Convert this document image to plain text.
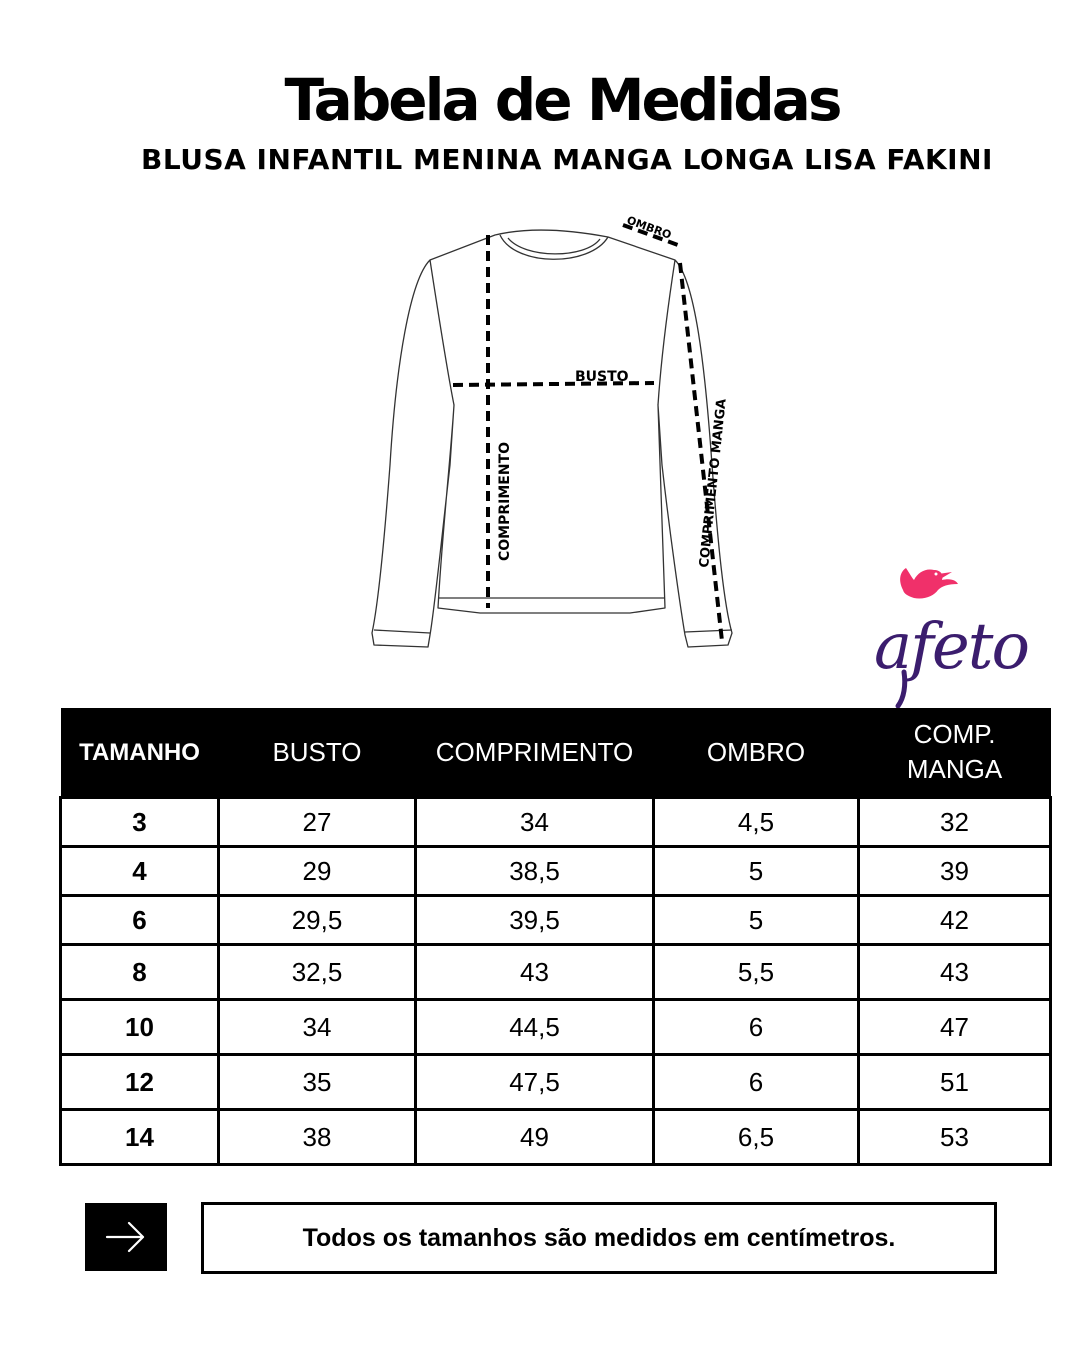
Tabela de Medidas
BLUSA INFANTIL MENINA MANGA LONGA LISA FAKINI
OMBRO
BUSTO
COMPRIMENTO	COMPRIMENTO MANGA
afeto
TAMANHO	BUSTO	COMPRIMENTO	OMBRO	COMP.
MANGA
3	27	34	4,5	32
4	29	38,5	5	39
6	29,5	39,5	5	42
8	32,5	43	5,5	43
10	34	44,5	6	47
12	35	47,5	6	51
14	38	49	6,5	53
Todos os tamanhos são medidos em centímetros.
